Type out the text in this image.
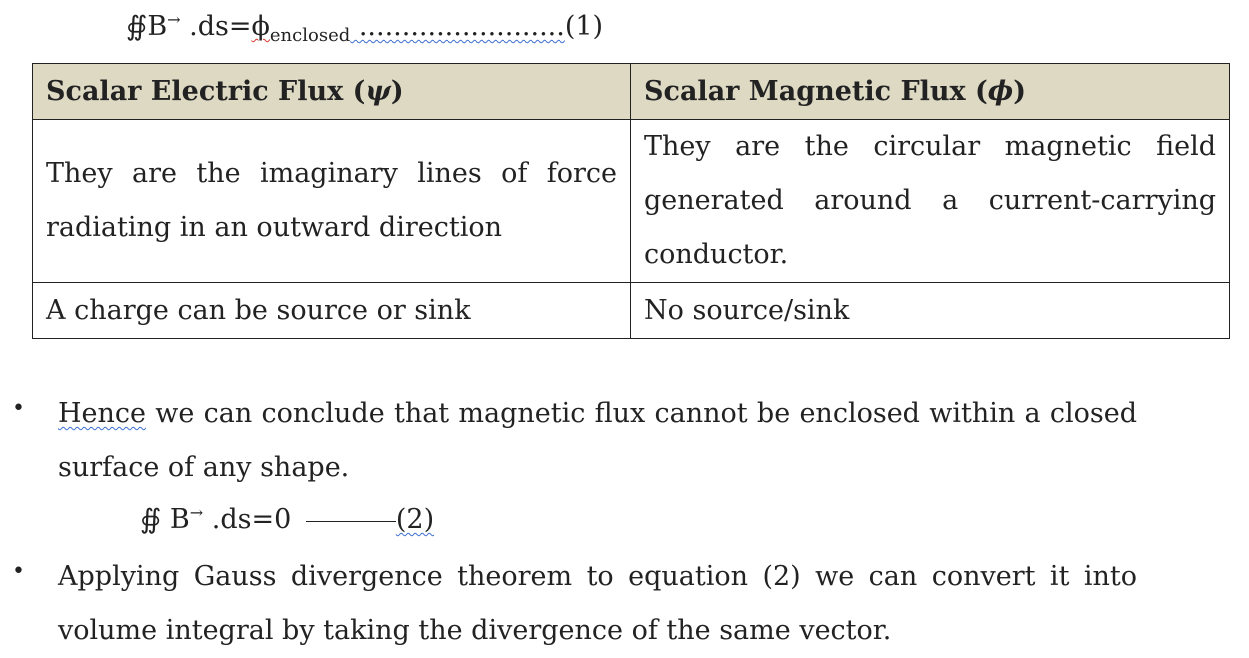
∯B→ $.ds=\phi_{enclosed}$ ........................(1)
Scalar Electric Flux (ψ)	Scalar Magnetic Flux (ϕ)
They are the imaginary lines of force radiating in an outward direction	They are the circular magnetic field generated around a current-carrying conductor.
A charge can be source or sink	No source/sink
• Hence we can conclude that magnetic flux cannot be enclosed within a closed surface of any shape.
∯ B→ .ds=0	(2)
• Applying Gauss divergence theorem to equation (2) we can convert it into volume integral by taking the divergence of the same vector.
